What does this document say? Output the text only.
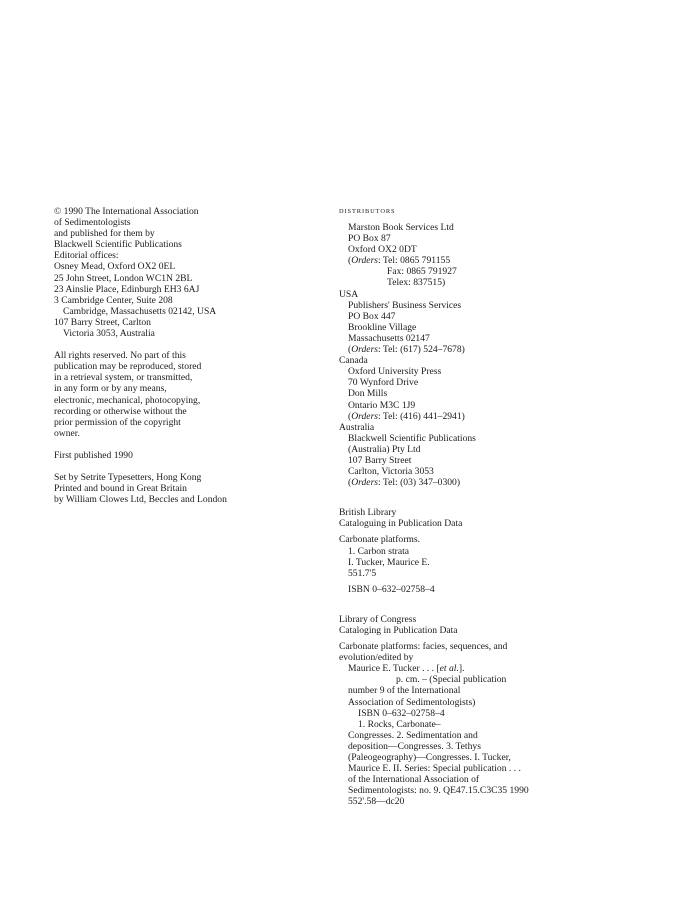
© 1990 The International Association
of Sedimentologists
and published for them by
Blackwell Scientific Publications
Editorial offices:
Osney Mead, Oxford OX2 0EL
25 John Street, London WC1N 2BL
23 Ainslie Place, Edinburgh EH3 6AJ
3 Cambridge Center, Suite 208
Cambridge, Massachusetts 02142, USA
107 Barry Street, Carlton
Victoria 3053, Australia
All rights reserved. No part of this
publication may be reproduced, stored
in a retrieval system, or transmitted,
in any form or by any means,
electronic, mechanical, photocopying,
recording or otherwise without the
prior permission of the copyright
owner.
First published 1990
Set by Setrite Typesetters, Hong Kong
Printed and bound in Great Britain
by William Clowes Ltd, Beccles and London
DISTRIBUTORS
Marston Book Services Ltd
PO Box 87
Oxford OX2 0DT
(Orders: Tel: 0865 791155
Fax: 0865 791927
Telex: 837515)
USA
Publishers' Business Services
PO Box 447
Brookline Village
Massachusetts 02147
(Orders: Tel: (617) 524–7678)
Canada
Oxford University Press
70 Wynford Drive
Don Mills
Ontario M3C 1J9
(Orders: Tel: (416) 441–2941)
Australia
Blackwell Scientific Publications
(Australia) Pty Ltd
107 Barry Street
Carlton, Victoria 3053
(Orders: Tel: (03) 347–0300)
British Library
Cataloguing in Publication Data
Carbonate platforms.
1. Carbon strata
I. Tucker, Maurice E.
551.7'5
ISBN 0–632–02758–4
Library of Congress
Cataloging in Publication Data
Carbonate platforms: facies, sequences, and
evolution/edited by
Maurice E. Tucker . . . [et al.].
p. cm. – (Special publication
number 9 of the International
Association of Sedimentologists)
ISBN 0–632–02758–4
1. Rocks, Carbonate–
Congresses. 2. Sedimentation and
deposition—Congresses. 3. Tethys
(Paleogeography)—Congresses. I. Tucker,
Maurice E. II. Series: Special publication . . .
of the International Association of
Sedimentologists: no. 9. QE47.15.C3C35 1990
552'.58—dc20
